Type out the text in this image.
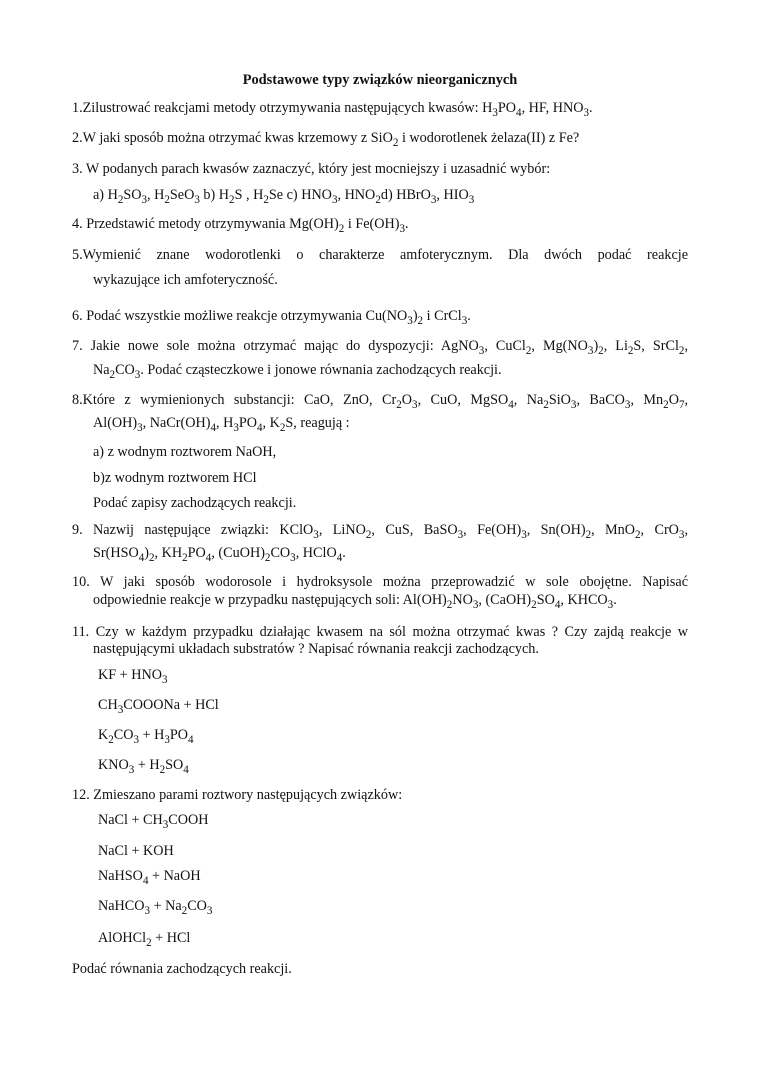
Podstawowe typy związków nieorganicznych
1.Zilustrować reakcjami metody otrzymywania następujących kwasów: $H_3PO_4$, HF, $HNO_3$.
2.W jaki sposób można otrzymać kwas krzemowy z SiO$_2$ i wodorotlenek żelaza(II) z Fe?
3. W podanych parach kwasów zaznaczyć, który jest mocniejszy i uzasadnić wybór:
a) $H_2SO_3$, $H_2SeO_3$ b) $H_2S$ , $H_2Se$ c) $HNO_3$, $HNO_2d$) HBrO$_3$, $HIO_3$
4. Przedstawić metody otrzymywania $Mg(OH)_2$ i $Fe(OH)_3$.
5.Wymienić znane wodorotlenki o charakterze amfoterycznym. Dla dwóch podać reakcje
wykazujące ich amfoteryczność.
6. Podać wszystkie możliwe reakcje otrzymywania $Cu(NO_3)_2$ i CrCl$_3$.
7. Jakie nowe sole można otrzymać mając do dyspozycji: AgNO$_3$, CuCl$_2$, $Mg(NO_3)_2$, $Li_2S$, SrCl$_2$,
$Na_2CO_3$. Podać cząsteczkowe i jonowe równania zachodzących reakcji.
8.Które z wymienionych substancji: CaO, ZnO, $Cr_2O_3$, CuO, MgSO$_4$, $Na_2SiO_3$, BaCO$_3$, $Mn_2O_7$,
$Al(OH)_3$, $NaCr(OH)_4$, $H_3PO_4$, $K_2S$, reagują :
a) z wodnym roztworem NaOH,
b)z wodnym roztworem HCl
Podać zapisy zachodzących reakcji.
9. Nazwij następujące związki: KClO$_3$, LiNO$_2$, CuS, BaSO$_3$, $Fe(OH)_3$, $Sn(OH)_2$, MnO$_2$, CrO$_3$,
$Sr(HSO_4)_2$, $KH_2PO_4$, $(CuOH)_2CO_3$, HClO$_4$.
10. W jaki sposób wodorosole i hydroksysole można przeprowadzić w sole obojętne. Napisać
odpowiednie reakcje w przypadku następujących soli: $Al(OH)_2NO_3$, $(CaOH)_2SO_4$, $KHCO_3$.
11. Czy w każdym przypadku działając kwasem na sól można otrzymać kwas ? Czy zajdą reakcje w
następującymi układach substratów ? Napisać równania reakcji zachodzących.
KF + $HNO_3$
$CH_3COOONa$ + HCl
$K_2CO_3 + H_3PO_4$
$KNO_3 + H_2SO_4$
12. Zmieszano parami roztwory następujących związków:
NaCl + $CH_3COOH$
NaCl + KOH
NaHSO$_4$ + NaOH
NaHCO$_3$ + $Na_2CO_3$
AlOHCl$_2$ + HCl
Podać równania zachodzących reakcji.
